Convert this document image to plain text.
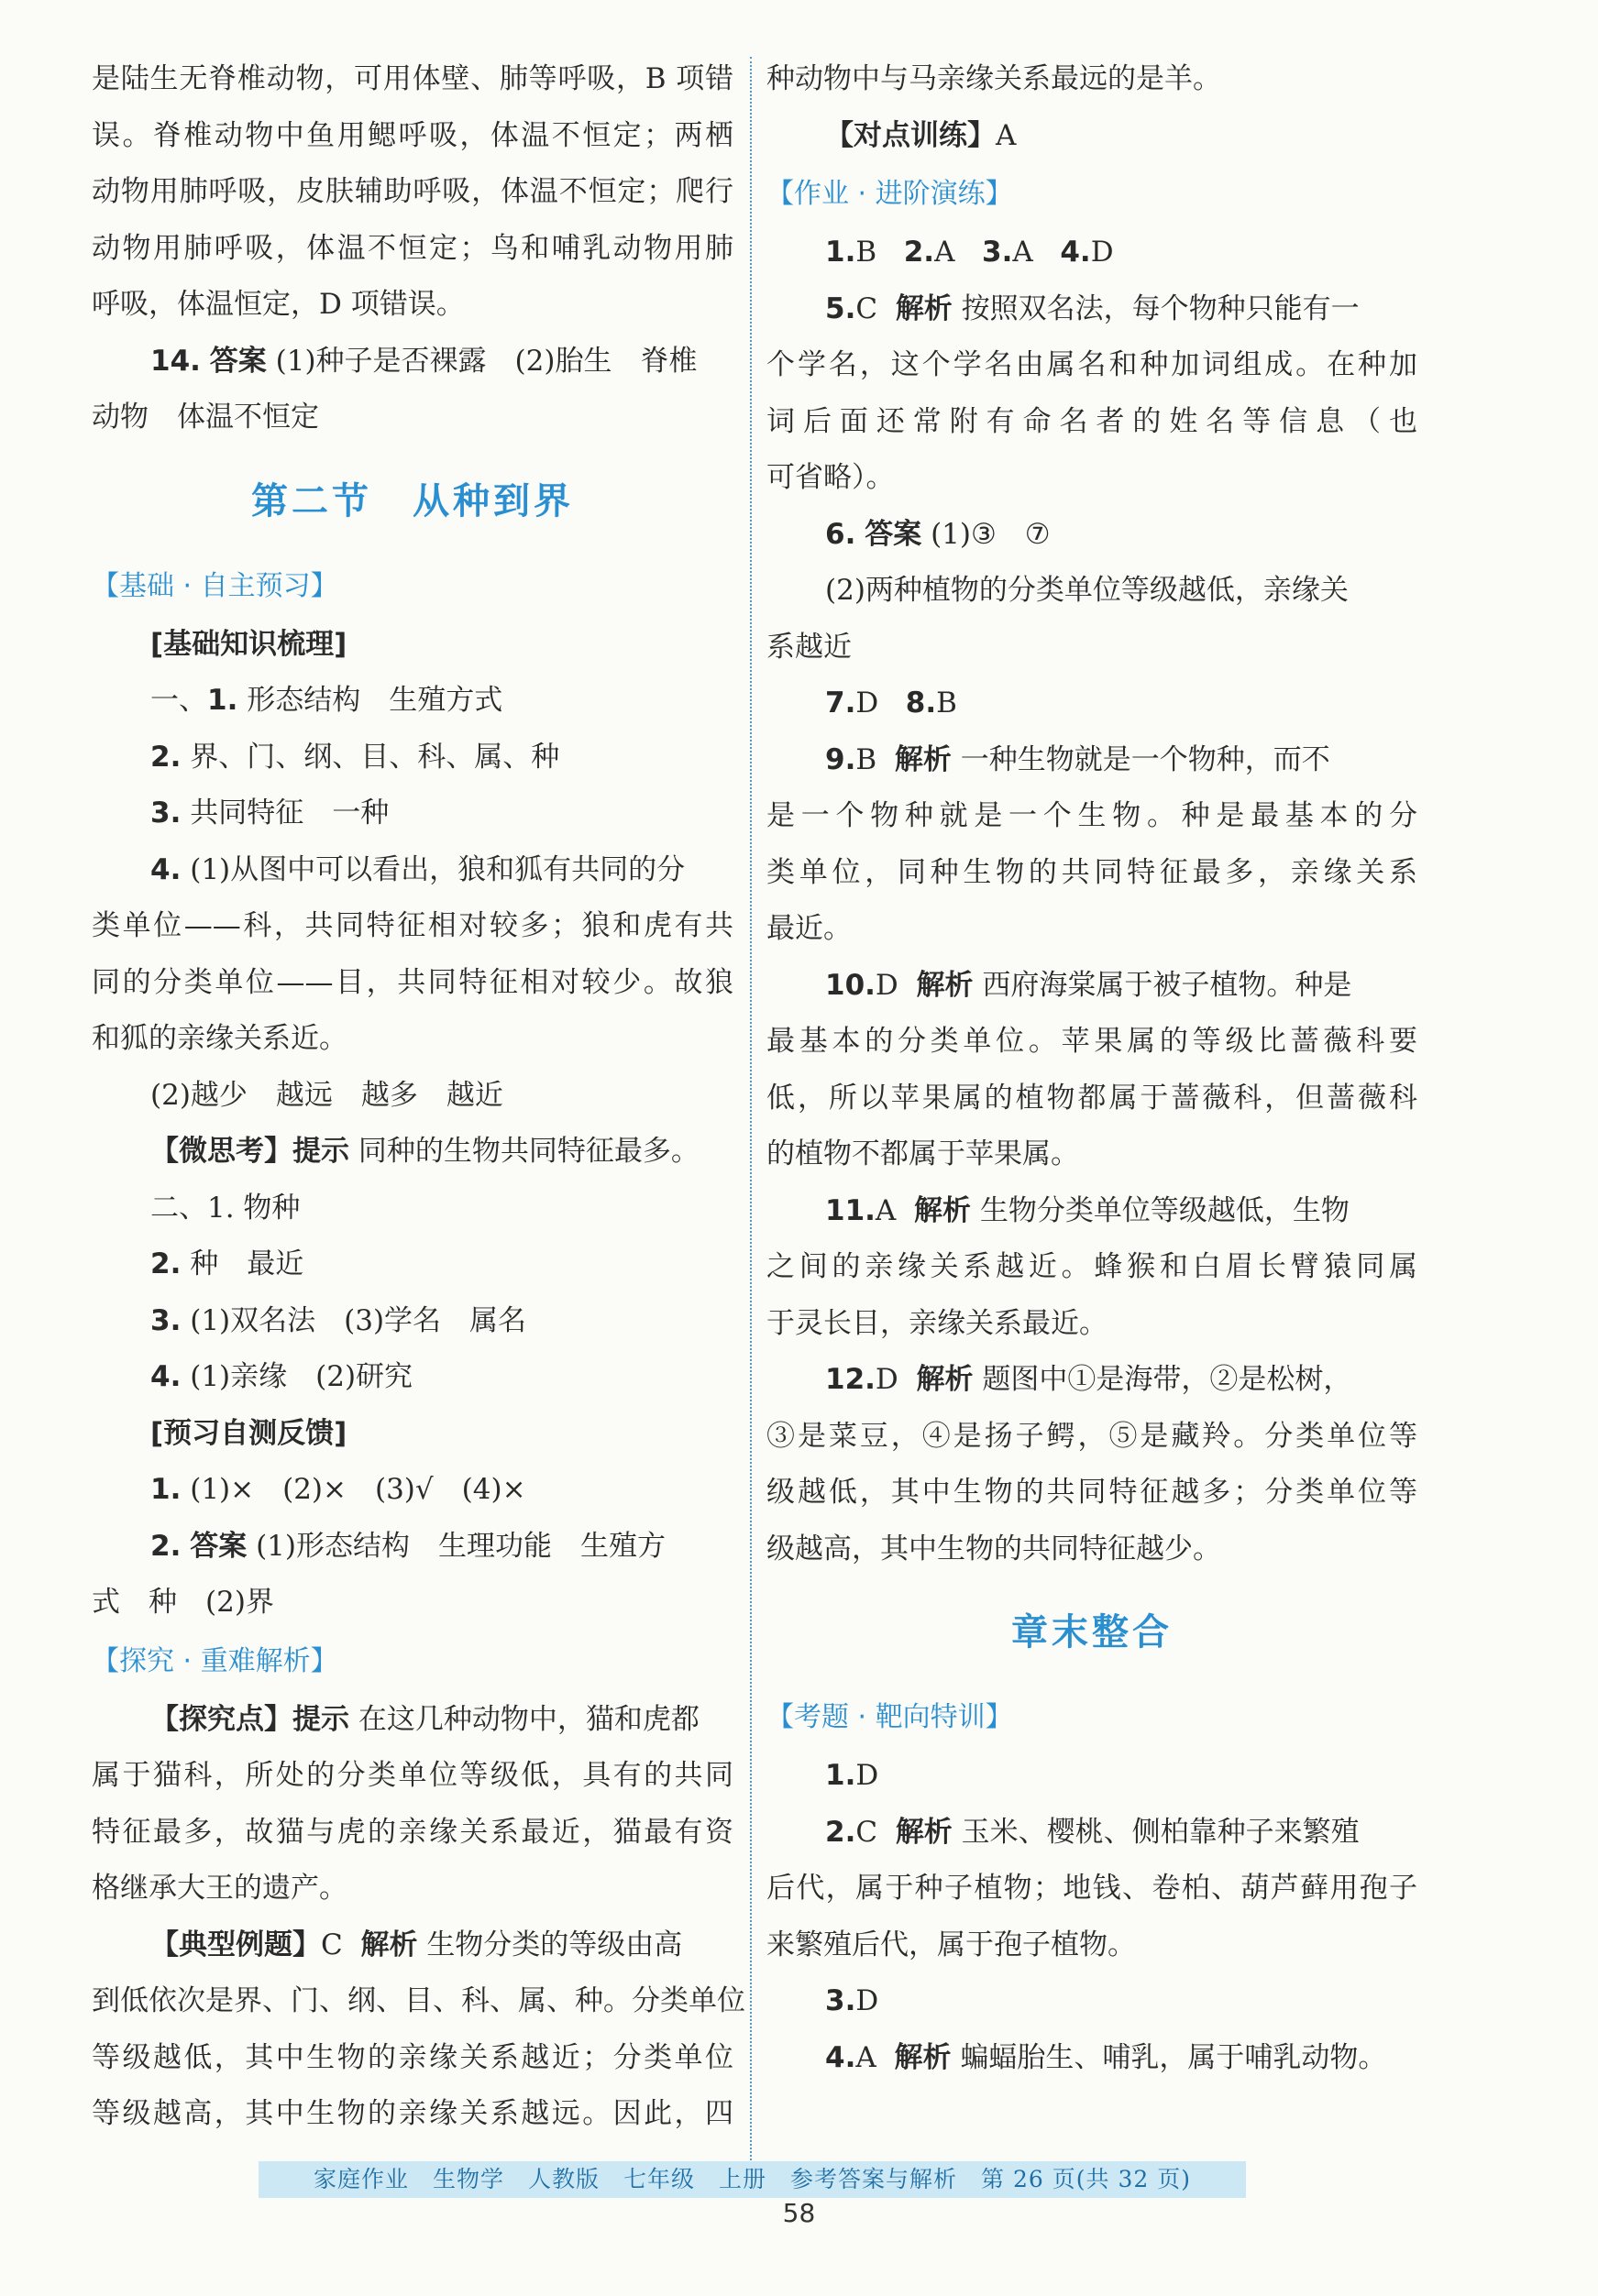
是陆生无脊椎动物，可用体壁、肺等呼吸，B 项错
误。脊椎动物中鱼用鳃呼吸，体温不恒定；两栖
动物用肺呼吸，皮肤辅助呼吸，体温不恒定；爬行
动物用肺呼吸，体温不恒定；鸟和哺乳动物用肺
呼吸，体温恒定，D 项错误。
14.
答案
(1)种子是否裸露　(2)胎生　脊椎
动物　体温不恒定
第二节　从种到界
【基础 · 自主预习】
[基础知识梳理]
一、 1.
形态结构　生殖方式
2.
界、门、纲、目、科、属、种
3.
共同特征　一种
4.
(1)从图中可以看出，狼和狐有共同的分
类单位——科，共同特征相对较多；狼和虎有共
同的分类单位——目，共同特征相对较少。故狼
和狐的亲缘关系近。
(2)越少　越远　越多　越近
【微思考】提示
同种的生物共同特征最多。
二、1. 物种
2.
种　最近
3.
(1)双名法　(3)学名　属名
4.
(1)亲缘　(2)研究
[预习自测反馈]
1.
(1)×　(2)×　(3)√　(4)×
2.
答案
(1)形态结构　生理功能　生殖方
式　种　(2)界
【探究 · 重难解析】
【探究点】提示
在这几种动物中，猫和虎都
属于猫科，所处的分类单位等级低，具有的共同
特征最多，故猫与虎的亲缘关系最近，猫最有资
格继承大王的遗产。
【典型例题】 C
解析
生物分类的等级由高
到低依次是界、门、纲、目、科、属、种。分类单位
等级越低，其中生物的亲缘关系越近；分类单位
等级越高，其中生物的亲缘关系越远。因此，四
种动物中与马亲缘关系最远的是羊。
【对点训练】 A
【作业 · 进阶演练】
1. B
2. A
3. A
4. D
5. C
解析
按照双名法，每个物种只能有一
个学名，这个学名由属名和种加词组成。在种加
词后面还常附有命名者的姓名等信息（也
可省略）。
6.
答案
(1)③　⑦
(2)两种植物的分类单位等级越低，亲缘关
系越近
7. D
8. B
9. B
解析
一种生物就是一个物种，而不
是一个物种就是一个生物。种是最基本的分
类单位，同种生物的共同特征最多，亲缘关系
最近。
10. D
解析
西府海棠属于被子植物。种是
最基本的分类单位。苹果属的等级比蔷薇科要
低，所以苹果属的植物都属于蔷薇科，但蔷薇科
的植物不都属于苹果属。
11. A
解析
生物分类单位等级越低，生物
之间的亲缘关系越近。蜂猴和白眉长臂猿同属
于灵长目，亲缘关系最近。
12. D
解析
题图中①是海带，②是松树，
③是菜豆，④是扬子鳄，⑤是藏羚。分类单位等
级越低，其中生物的共同特征越多；分类单位等
级越高，其中生物的共同特征越少。
章末整合
【考题 · 靶向特训】
1. D
2. C
解析
玉米、樱桃、侧柏靠种子来繁殖
后代，属于种子植物；地钱、卷柏、葫芦藓用孢子
来繁殖后代，属于孢子植物。
3. D
4. A
解析
蝙蝠胎生、哺乳，属于哺乳动物。
家庭作业　生物学　人教版　七年级　上册　参考答案与解析　第 26 页(共 32 页)
58
